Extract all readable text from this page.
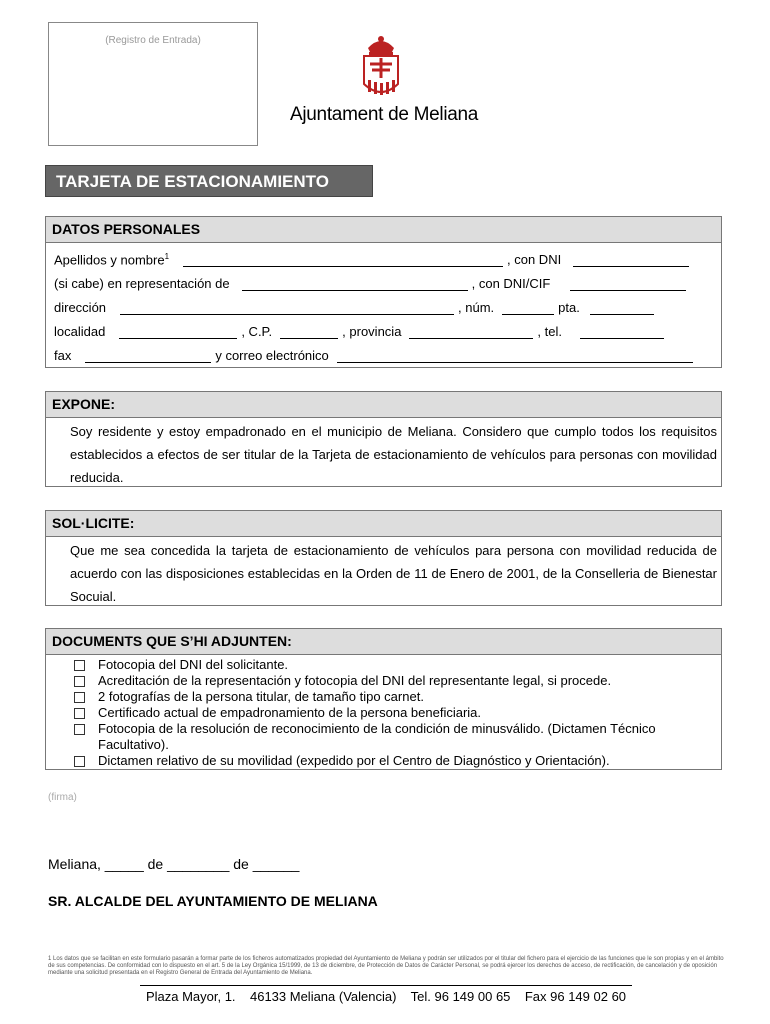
(Registro de Entrada)
Ajuntament de Meliana
TARJETA DE ESTACIONAMIENTO
DATOS PERSONALES
Apellidos y nombre$^1$	, con DNI
(si cabe) en representación de	, con DNI/CIF
dirección	, núm.	pta.
localidad	, C.P.	, provincia	, tel.
fax	y correo electrónico
EXPONE:
Soy residente y estoy empadronado en el municipio de Meliana. Considero que cumplo todos los requisitos establecidos a efectos de ser titular de la Tarjeta de estacionamiento de vehículos para personas con movilidad reducida.
SOL·LICITE:
Que me sea concedida la tarjeta de estacionamiento de vehículos para persona con movilidad reducida de acuerdo con las disposiciones establecidas en la Orden de 11 de Enero de 2001, de la Conselleria de Bienestar Socuial.
DOCUMENTS QUE S’HI ADJUNTEN:
Fotocopia del DNI del solicitante.
Acreditación de la representación y fotocopia del DNI del representante legal, si procede.
2 fotografías de la persona titular, de tamaño tipo carnet.
Certificado actual de empadronamiento de la persona beneficiaria.
Fotocopia de la resolución de reconocimiento de la condición de minusválido. (Dictamen Técnico Facultativo).
Dictamen relativo de su movilidad (expedido por el Centro de Diagnóstico y Orientación).
(firma)
Meliana, _____ de ________ de ______
SR. ALCALDE DEL AYUNTAMIENTO DE MELIANA
1 Los datos que se facilitan en este formulario pasarán a formar parte de los ficheros automatizados propiedad del Ayuntamiento de Meliana y podrán ser utilizados por el titular del fichero para el ejercicio de las funciones que le son propias y en el ámbito de sus competencias. De conformidad con lo dispuesto en el art. 5 de la Ley Orgánica 15/1999, de 13 de diciembre, de Protección de Datos de Carácter Personal, se podrá ejercer los derechos de acceso, de rectificación, de cancelación y de oposición mediante una solicitud presentada en el Registro General de Entrada del Ayuntamiento de Meliana.
Plaza Mayor, 1.    46133 Meliana (Valencia)    Tel. 96 149 00 65    Fax 96 149 02 60
